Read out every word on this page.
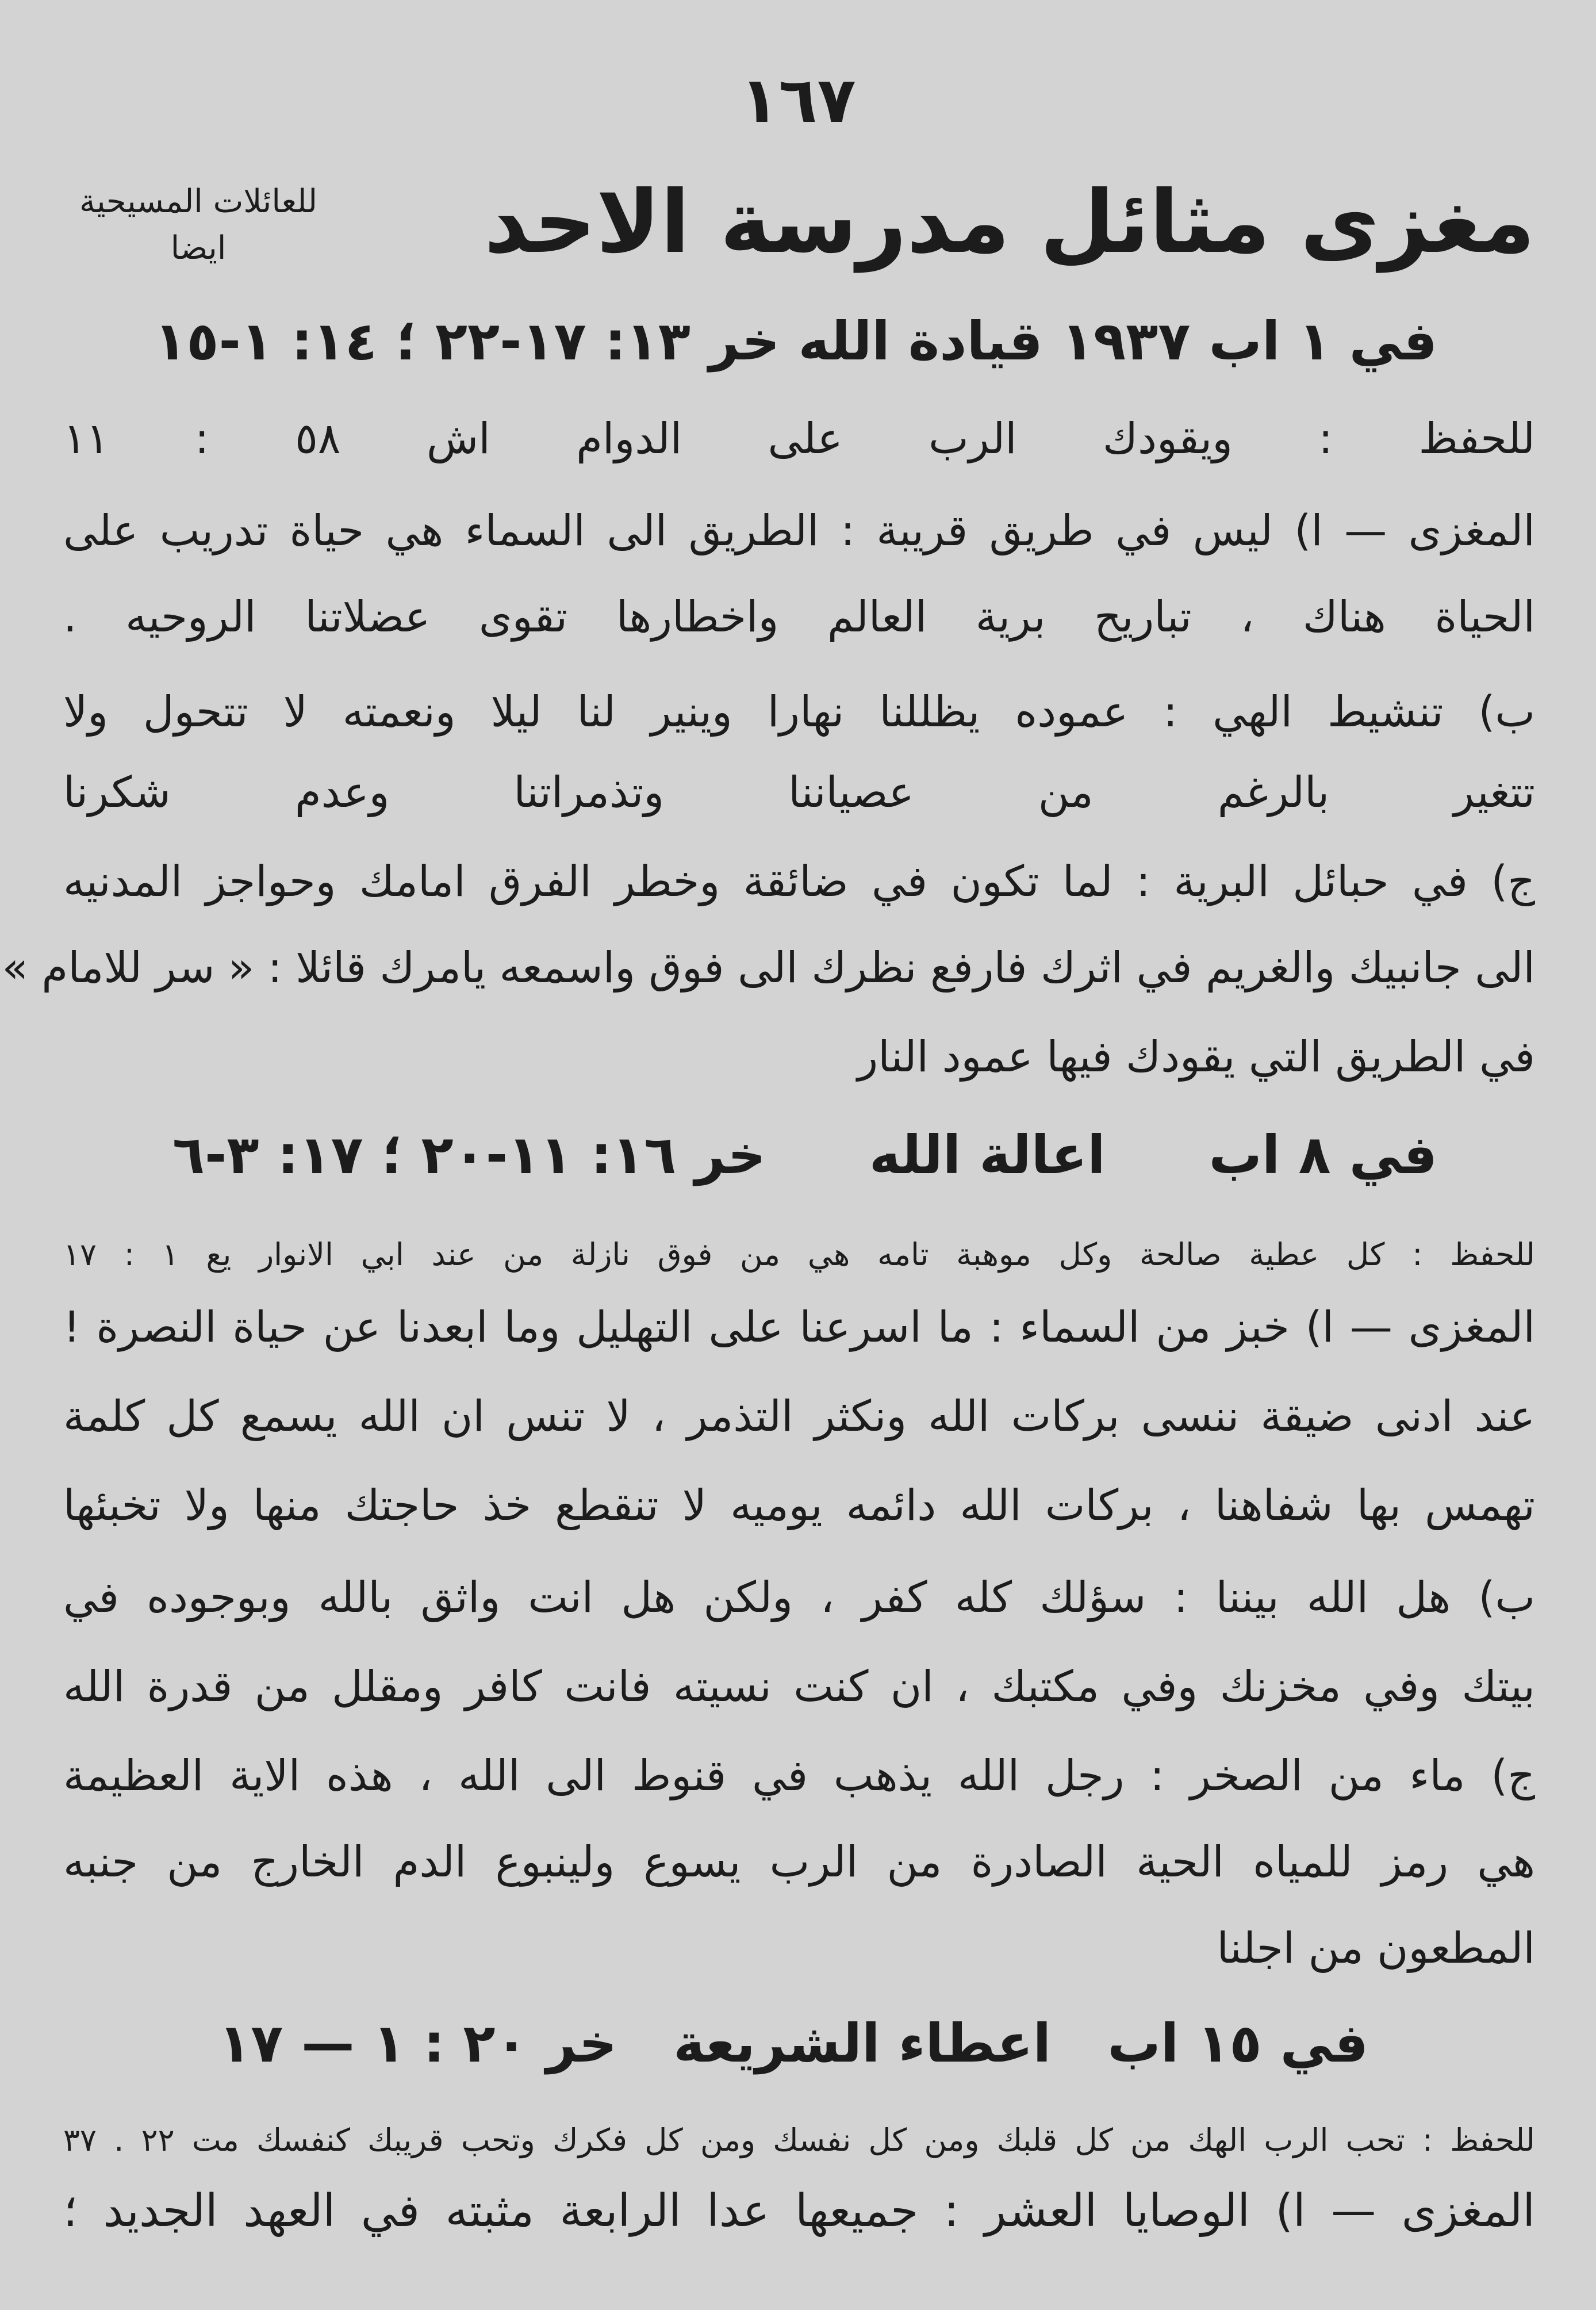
١٦٧
مغزى مثائل مدرسة الاحد
للعائلات المسيحية
ايضا
في ١ اب ١٩٣٧ قيادة الله خر ١٣: ١٧-٢٢ ؛ ١٤: ١-١٥
للحفظ : ويقودك الرب على الدوام اش ٥٨ : ١١
المغزى — ا) ليس في طريق قريبة : الطريق الى السماء هي حياة تدريب على
الحياة هناك ، تباريح برية العالم واخطارها تقوى عضلاتنا الروحيه .
ب) تنشيط الهي : عموده يظللنا نهارا وينير لنا ليلا ونعمته لا تتحول ولا
تتغير بالرغم من عصياننا وتذمراتنا وعدم شكرنا
ج) في حبائل البرية : لما تكون في ضائقة وخطر الفرق امامك وحواجز المدنيه
الى جانبيك والغريم في اثرك فارفع نظرك الى فوق واسمعه يامرك قائلا : « سر للامام »
في الطريق التي يقودك فيها عمود النار
في ٨ اب اعالة الله خر ١٦: ١١-٢٠ ؛ ١٧: ٣-٦
للحفظ : كل عطية صالحة وكل موهبة تامه هي من فوق نازلة من عند ابي الانوار يع ١ : ١٧
المغزى — ا) خبز من السماء : ما اسرعنا على التهليل وما ابعدنا عن حياة النصرة !
عند ادنى ضيقة ننسى بركات الله ونكثر التذمر ، لا تنس ان الله يسمع كل كلمة
تهمس بها شفاهنا ، بركات الله دائمه يوميه لا تنقطع خذ حاجتك منها ولا تخبئها
ب) هل الله بيننا : سؤلك كله كفر ، ولكن هل انت واثق بالله وبوجوده في
بيتك وفي مخزنك وفي مكتبك ، ان كنت نسيته فانت كافر ومقلل من قدرة الله
ج) ماء من الصخر : رجل الله يذهب في قنوط الى الله ، هذه الاية العظيمة
هي رمز للمياه الحية الصادرة من الرب يسوع ولينبوع الدم الخارج من جنبه
المطعون من اجلنا
في ١٥ اب اعطاء الشريعة خر ٢٠ : ١ — ١٧
للحفظ : تحب الرب الهك من كل قلبك ومن كل نفسك ومن كل فكرك وتحب قريبك كنفسك مت ٢٢ . ٣٧
المغزى — ا) الوصايا العشر : جميعها عدا الرابعة مثبته في العهد الجديد ؛
